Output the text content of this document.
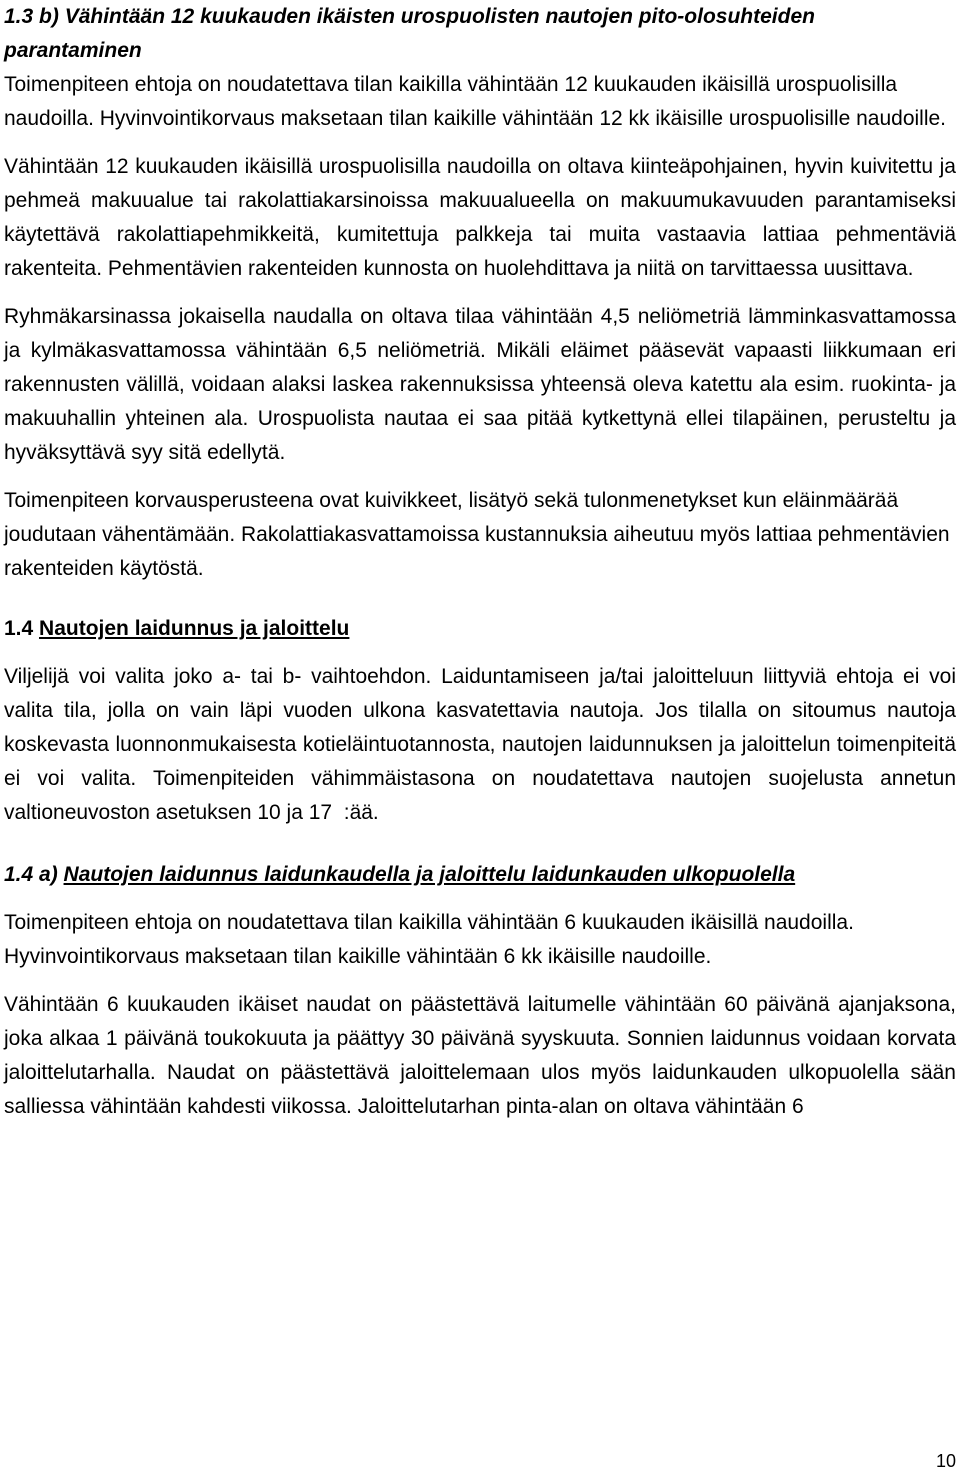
1.3 b) Vähintään 12 kuukauden ikäisten urospuolisten nautojen pito-olosuhteiden parantaminen

Toimenpiteen ehtoja on noudatettava tilan kaikilla vähintään 12 kuukauden ikäisillä urospuolisilla naudoilla. Hyvinvointikorvaus maksetaan tilan kaikille vähintään 12 kk ikäisille urospuolisille naudoille.

Vähintään 12 kuukauden ikäisillä urospuolisilla naudoilla on oltava kiinteäpohjainen, hyvin kuivitettu ja pehmeä makuualue tai rakolattiakarsinoissa makuualueella on makuumukavuuden parantamiseksi käytettävä rakolattiapehmikkeitä, kumitettuja palkkeja tai muita vastaavia lattiaa pehmentäviä rakenteita. Pehmentävien rakenteiden kunnosta on huolehdittava ja niitä on tarvittaessa uusittava.

Ryhmäkarsinassa jokaisella naudalla on oltava tilaa vähintään 4,5 neliömetriä lämminkasvattamossa ja kylmäkasvattamossa vähintään 6,5 neliömetriä. Mikäli eläimet pääsevät vapaasti liikkumaan eri rakennusten välillä, voidaan alaksi laskea rakennuksissa yhteensä oleva katettu ala esim. ruokinta- ja makuuhallin yhteinen ala. Urospuolista nautaa ei saa pitää kytkettynä ellei tilapäinen, perusteltu ja hyväksyttävä syy sitä edellytä.

Toimenpiteen korvausperusteena ovat kuivikkeet, lisätyö sekä tulonmenetykset kun eläinmäärää joudutaan vähentämään. Rakolattiakasvattamoissa kustannuksia aiheutuu myös lattiaa pehmentävien rakenteiden käytöstä.

1.4 Nautojen laidunnus ja jaloittelu

Viljelijä voi valita joko a- tai b- vaihtoehdon. Laiduntamiseen ja/tai jaloitteluun liittyviä ehtoja ei voi valita tila, jolla on vain läpi vuoden ulkona kasvatettavia nautoja. Jos tilalla on sitoumus nautoja koskevasta luonnonmukaisesta kotieläintuotannosta, nautojen laidunnuksen ja jaloittelun toimenpiteitä ei voi valita. Toimenpiteiden vähimmäistasona on noudatettava nautojen suojelusta annetun valtioneuvoston asetuksen 10 ja 17  :ää.

1.4 a) Nautojen laidunnus laidunkaudella ja jaloittelu laidunkauden ulkopuolella

Toimenpiteen ehtoja on noudatettava tilan kaikilla vähintään 6 kuukauden ikäisillä naudoilla. Hyvinvointikorvaus maksetaan tilan kaikille vähintään 6 kk ikäisille naudoille.

Vähintään 6 kuukauden ikäiset naudat on päästettävä laitumelle vähintään 60 päivänä ajanjaksona, joka alkaa 1 päivänä toukokuuta ja päättyy 30 päivänä syyskuuta. Sonnien laidunnus voidaan korvata jaloittelutarhalla. Naudat on päästettävä jaloittelemaan ulos myös laidunkauden ulkopuolella sään salliessa vähintään kahdesti viikossa. Jaloittelutarhan pinta-alan on oltava vähintään 6

10
